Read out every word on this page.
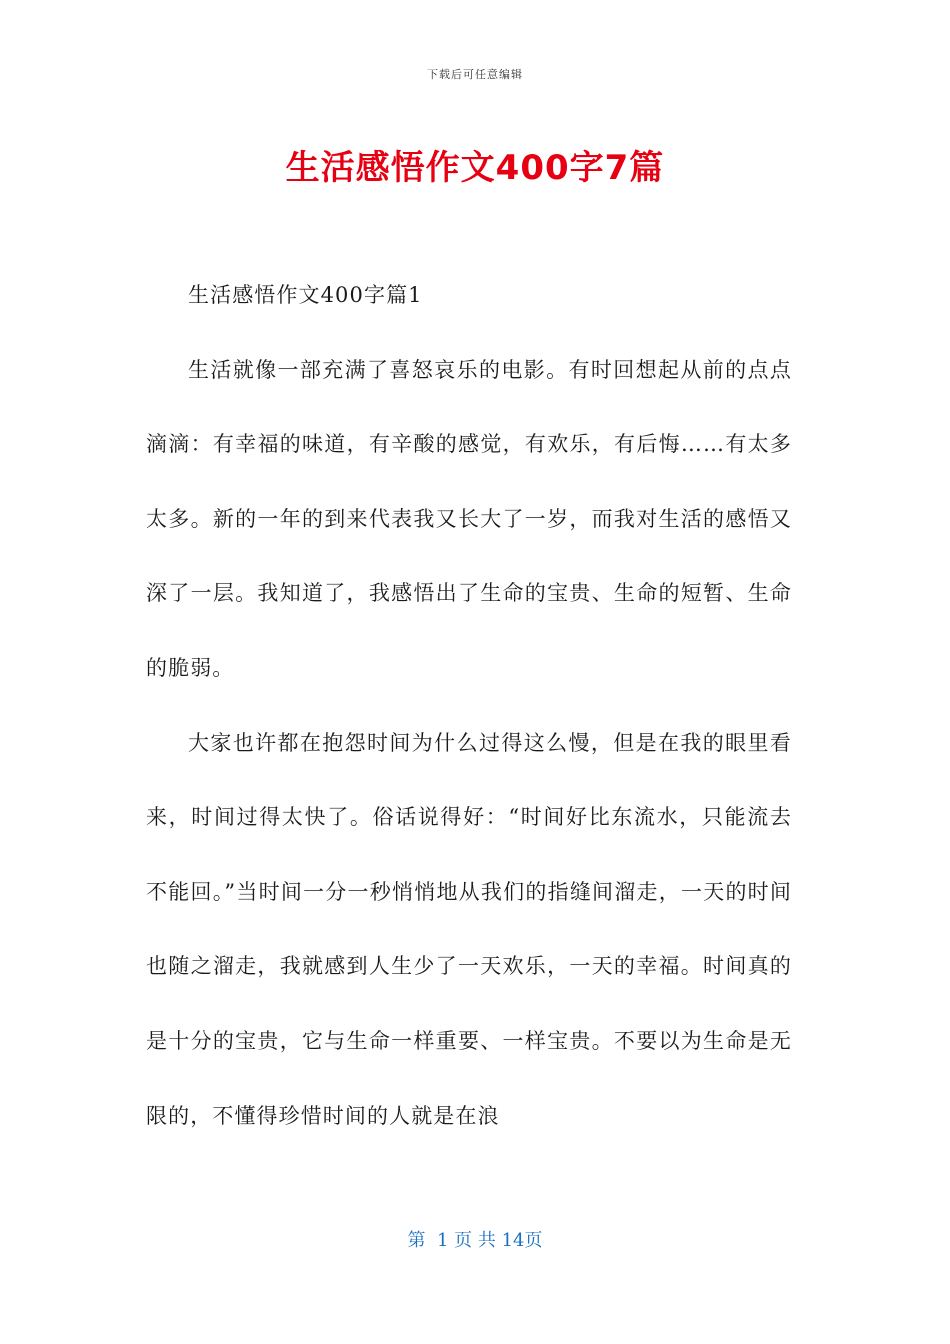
下载后可任意编辑
生活感悟作文400字7篇

生活感悟作文400字篇1

生活就像一部充满了喜怒哀乐的电影。有时回想起从前的点点滴滴：有幸福的味道，有辛酸的感觉，有欢乐，有后悔……有太多太多。新的一年的到来代表我又长大了一岁，而我对生活的感悟又深了一层。我知道了，我感悟出了生命的宝贵、生命的短暂、生命的脆弱。

大家也许都在抱怨时间为什么过得这么慢，但是在我的眼里看来，时间过得太快了。俗话说得好：“时间好比东流水，只能流去不能回。”当时间一分一秒悄悄地从我们的指缝间溜走，一天的时间也随之溜走，我就感到人生少了一天欢乐，一天的幸福。时间真的是十分的宝贵，它与生命一样重要、一样宝贵。不要以为生命是无限的，不懂得珍惜时间的人就是在浪

第  1 页 共 14页
